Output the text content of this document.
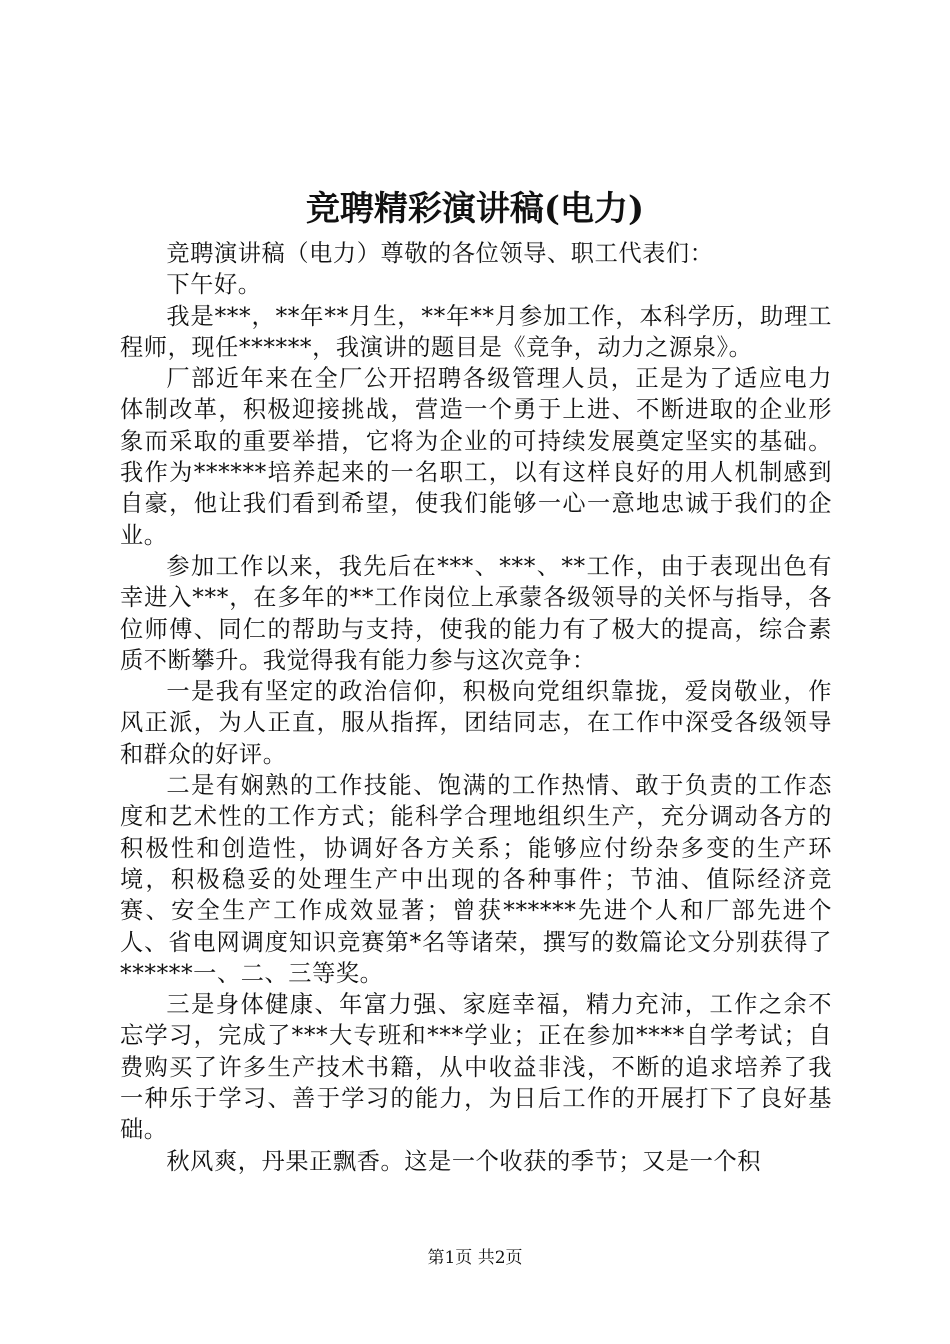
竞聘精彩演讲稿(电力)

竞聘演讲稿（电力）尊敬的各位领导、职工代表们：

下午好。

我是***，**年**月生，**年**月参加工作，本科学历，助理工程师，现任******，我演讲的题目是《竞争，动力之源泉》。

厂部近年来在全厂公开招聘各级管理人员，正是为了适应电力体制改革，积极迎接挑战，营造一个勇于上进、不断进取的企业形象而采取的重要举措，它将为企业的可持续发展奠定坚实的基础。我作为******培养起来的一名职工，以有这样良好的用人机制感到自豪，他让我们看到希望，使我们能够一心一意地忠诚于我们的企业。

参加工作以来，我先后在***、***、**工作，由于表现出色有幸进入***，在多年的**工作岗位上承蒙各级领导的关怀与指导，各位师傅、同仁的帮助与支持，使我的能力有了极大的提高，综合素质不断攀升。我觉得我有能力参与这次竞争：

一是我有坚定的政治信仰，积极向党组织靠拢，爱岗敬业，作风正派，为人正直，服从指挥，团结同志，在工作中深受各级领导和群众的好评。

二是有娴熟的工作技能、饱满的工作热情、敢于负责的工作态度和艺术性的工作方式；能科学合理地组织生产，充分调动各方的积极性和创造性，协调好各方关系；能够应付纷杂多变的生产环境，积极稳妥的处理生产中出现的各种事件；节油、值际经济竞赛、安全生产工作成效显著；曾获******先进个人和厂部先进个人、省电网调度知识竞赛第*名等诸荣，撰写的数篇论文分别获得了******一、二、三等奖。

三是身体健康、年富力强、家庭幸福，精力充沛，工作之余不忘学习，完成了***大专班和***学业；正在参加****自学考试；自费购买了许多生产技术书籍，从中收益非浅，不断的追求培养了我一种乐于学习、善于学习的能力，为日后工作的开展打下了良好基础。

秋风爽，丹果正飘香。这是一个收获的季节；又是一个积

第1页 共2页
